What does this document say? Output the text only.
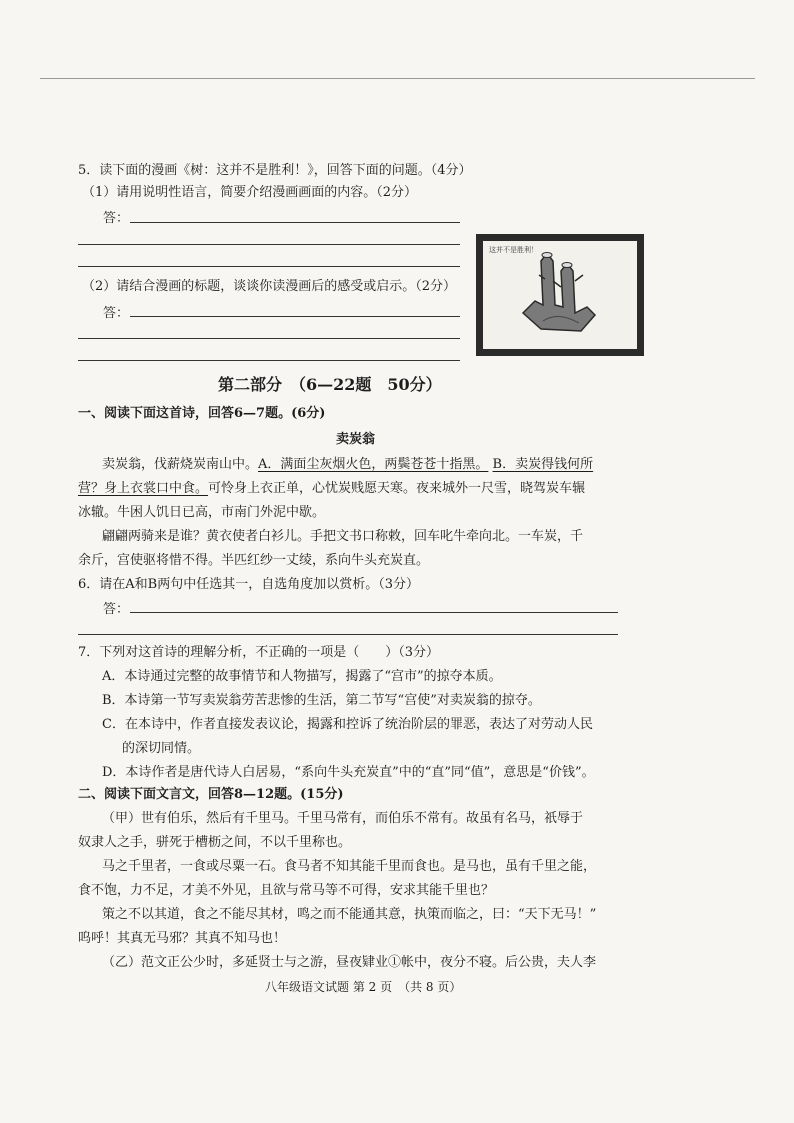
5．读下面的漫画《树：这并不是胜利！》，回答下面的问题。（4分）
（1）请用说明性语言，简要介绍漫画画面的内容。（2分）
答：
（2）请结合漫画的标题，谈谈你读漫画后的感受或启示。（2分）
答：
这并不是胜利！
第二部分　（6—22题　50分）
一、阅读下面这首诗，回答6—7题。(6分)
卖炭翁
卖炭翁，伐薪烧炭南山中。A．满面尘灰烟火色，两鬓苍苍十指黑。 B．卖炭得钱何所
营？身上衣裳口中食。可怜身上衣正单，心忧炭贱愿天寒。夜来城外一尺雪，晓驾炭车辗
冰辙。牛困人饥日已高，市南门外泥中歇。
翩翩两骑来是谁？黄衣使者白衫儿。手把文书口称敕，回车叱牛牵向北。一车炭，千
余斤，宫使驱将惜不得。半匹红纱一丈绫，系向牛头充炭直。
6．请在A和B两句中任选其一，自选角度加以赏析。（3分）
答：
7．下列对这首诗的理解分析，不正确的一项是（　　）（3分）
A．本诗通过完整的故事情节和人物描写，揭露了“宫市”的掠夺本质。
B．本诗第一节写卖炭翁劳苦悲惨的生活，第二节写“宫使”对卖炭翁的掠夺。
C．在本诗中，作者直接发表议论，揭露和控诉了统治阶层的罪恶，表达了对劳动人民
的深切同情。
D．本诗作者是唐代诗人白居易，“系向牛头充炭直”中的“直”同“值”，意思是“价钱”。
二、阅读下面文言文，回答8—12题。(15分)
（甲）世有伯乐，然后有千里马。千里马常有，而伯乐不常有。故虽有名马，祇辱于
奴隶人之手，骈死于槽枥之间，不以千里称也。
马之千里者，一食或尽粟一石。食马者不知其能千里而食也。是马也，虽有千里之能，
食不饱，力不足，才美不外见，且欲与常马等不可得，安求其能千里也？
策之不以其道，食之不能尽其材，鸣之而不能通其意，执策而临之，曰：“天下无马！”
呜呼！其真无马邪？其真不知马也！
（乙）范文正公少时，多延贤士与之游，昼夜肄业①帐中，夜分不寝。后公贵，夫人李
八年级语文试题 第 2 页　（共 8 页）
